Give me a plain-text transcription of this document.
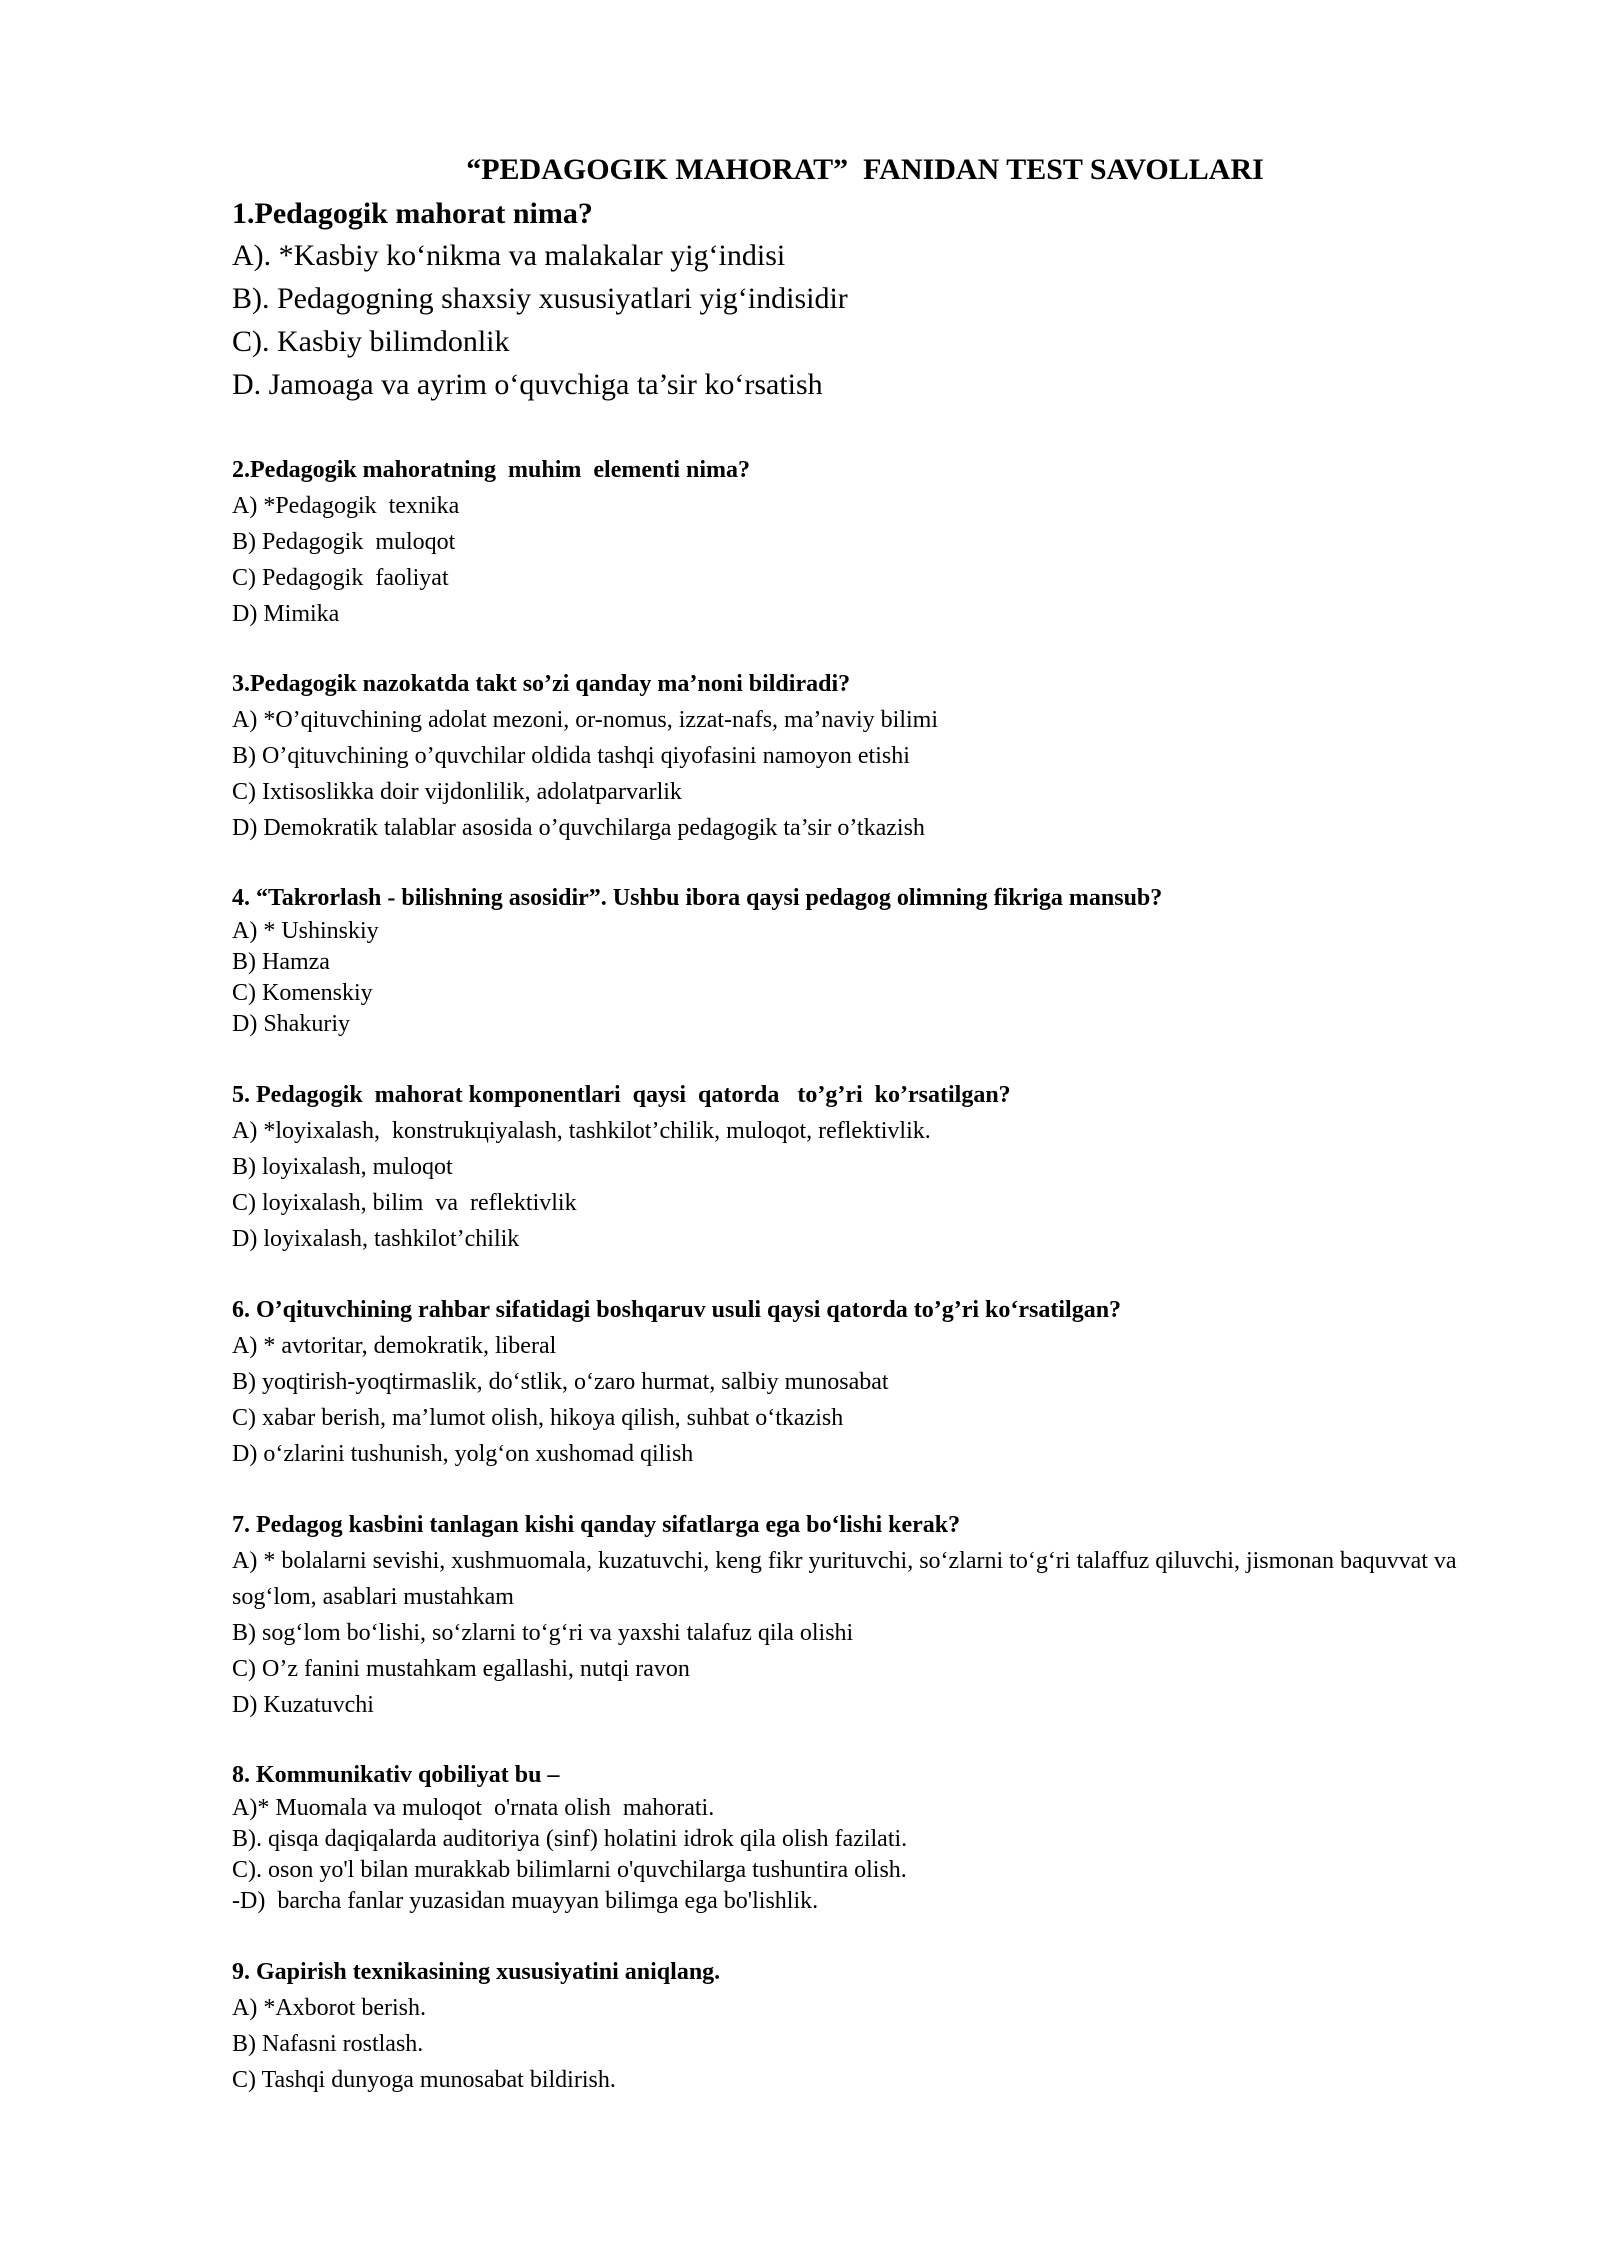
“PEDAGOGIK MAHORAT”  FANIDAN TEST SAVOLLARI
1.Pedagogik mahorat nima?
A). *Kasbiy ko‘nikma va malakalar yig‘indisi
B). Pedagogning shaxsiy xususiyatlari yig‘indisidir
C). Kasbiy bilimdonlik
D. Jamoaga va ayrim o‘quvchiga ta’sir ko‘rsatish
2.Pedagogik mahoratning  muhim  elementi nima?
A) *Pedagogik  texnika
B) Pedagogik  muloqot
C) Pedagogik  faoliyat
D) Mimika
3.Pedagogik nazokatda takt so’zi qanday ma’noni bildiradi?
A) *O’qituvchining adolat mezoni, or-nomus, izzat-nafs, ma’naviy bilimi
B) O’qituvchining o’quvchilar oldida tashqi qiyofasini namoyon etishi
C) Ixtisoslikka doir vijdonlilik, adolatparvarlik
D) Demokratik talablar asosida o’quvchilarga pedagogik ta’sir o’tkazish
4. “Takrorlash - bilishning asosidir”. Ushbu ibora qaysi pedagog olimning fikriga mansub?
A) * Ushinskiy
B) Hamza
C) Komenskiy
D) Shakuriy
5. Pedagogik  mahorat komponentlari  qaysi  qatorda   to’g’ri  ko’rsatilgan?
A) *loyixalash,  konstrukцiyalash, tashkilot’chilik, muloqot, reflektivlik.
B) loyixalash, muloqot
C) loyixalash, bilim  va  reflektivlik
D) loyixalash, tashkilot’chilik
6. O’qituvchining rahbar sifatidagi boshqaruv usuli qaysi qatorda to’g’ri ko‘rsatilgan?
A) * avtoritar, demokratik, liberal
B) yoqtirish-yoqtirmaslik, do‘stlik, o‘zaro hurmat, salbiy munosabat
C) xabar berish, ma’lumot olish, hikoya qilish, suhbat o‘tkazish
D) o‘zlarini tushunish, yolg‘on xushomad qilish
7. Pedagog kasbini tanlagan kishi qanday sifatlarga ega bo‘lishi kerak?
A) * bolalarni sevishi, xushmuomala, kuzatuvchi, keng fikr yurituvchi, so‘zlarni to‘g‘ri talaffuz qiluvchi, jismonan baquvvat va sog‘lom, asablari mustahkam
B) sog‘lom bo‘lishi, so‘zlarni to‘g‘ri va yaxshi talafuz qila olishi
C) O’z fanini mustahkam egallashi, nutqi ravon
D) Kuzatuvchi
8. Kommunikativ qobiliyat bu –
A)* Muomala va muloqot  o'rnata olish  mahorati.
B). qisqa daqiqalarda auditoriya (sinf) holatini idrok qila olish fazilati.
C). oson yo'l bilan murakkab bilimlarni o'quvchilarga tushuntira olish.
-D)  barcha fanlar yuzasidan muayyan bilimga ega bo'lishlik.
9. Gapirish texnikasining xususiyatini aniqlang.
A) *Axborot berish.
B) Nafasni rostlash.
C) Tashqi dunyoga munosabat bildirish.
